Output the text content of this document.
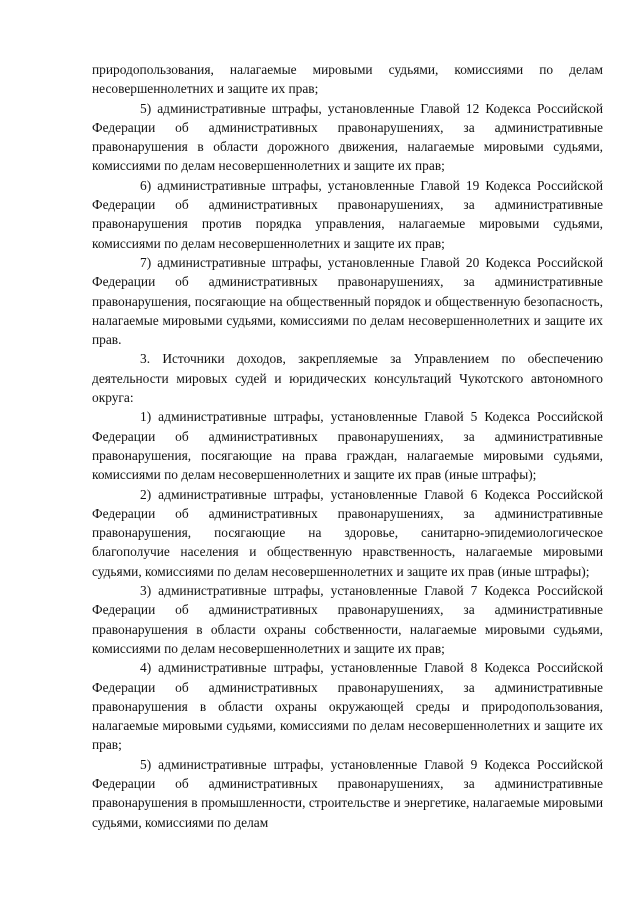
природопользования, налагаемые мировыми судьями, комиссиями по делам несовершеннолетних и защите их прав;

5) административные штрафы, установленные Главой 12 Кодекса Российской Федерации об административных правонарушениях, за административные правонарушения в области дорожного движения, налагаемые мировыми судьями, комиссиями по делам несовершеннолетних и защите их прав;

6) административные штрафы, установленные Главой 19 Кодекса Российской Федерации об административных правонарушениях, за административные правонарушения против порядка управления, налагаемые мировыми судьями, комиссиями по делам несовершеннолетних и защите их прав;

7) административные штрафы, установленные Главой 20 Кодекса Российской Федерации об административных правонарушениях, за административные правонарушения, посягающие на общественный порядок и общественную безопасность, налагаемые мировыми судьями, комиссиями по делам несовершеннолетних и защите их прав.

3. Источники доходов, закрепляемые за Управлением по обеспечению деятельности мировых судей и юридических консультаций Чукотского автономного округа:

1) административные штрафы, установленные Главой 5 Кодекса Российской Федерации об административных правонарушениях, за административные правонарушения, посягающие на права граждан, налагаемые мировыми судьями, комиссиями по делам несовершеннолетних и защите их прав (иные штрафы);

2) административные штрафы, установленные Главой 6 Кодекса Российской Федерации об административных правонарушениях, за административные правонарушения, посягающие на здоровье, санитарно-эпидемиологическое благополучие населения и общественную нравственность, налагаемые мировыми судьями, комиссиями по делам несовершеннолетних и защите их прав (иные штрафы);

3) административные штрафы, установленные Главой 7 Кодекса Российской Федерации об административных правонарушениях, за административные правонарушения в области охраны собственности, налагаемые мировыми судьями, комиссиями по делам несовершеннолетних и защите их прав;

4) административные штрафы, установленные Главой 8 Кодекса Российской Федерации об административных правонарушениях, за административные правонарушения в области охраны окружающей среды и природопользования, налагаемые мировыми судьями, комиссиями по делам несовершеннолетних и защите их прав;

5) административные штрафы, установленные Главой 9 Кодекса Российской Федерации об административных правонарушениях, за административные правонарушения в промышленности, строительстве и энергетике, налагаемые мировыми судьями, комиссиями по делам
